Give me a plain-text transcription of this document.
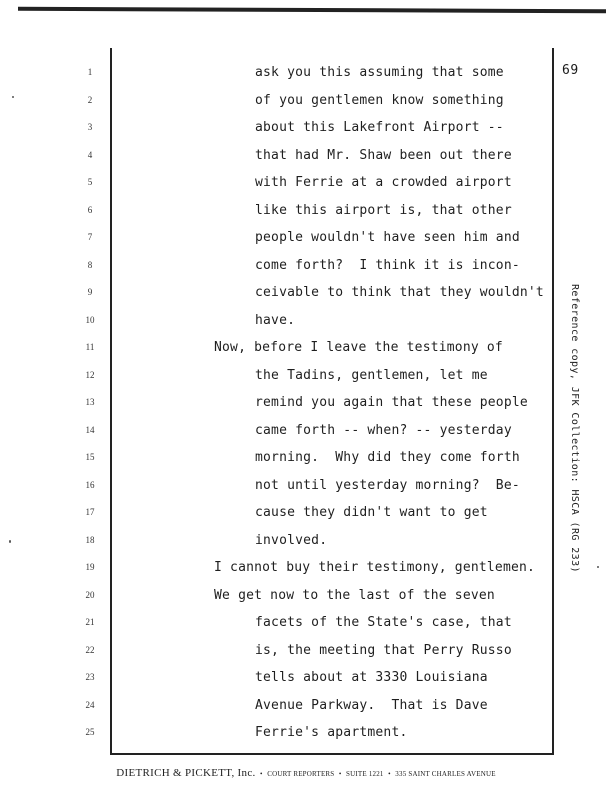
69
1	ask you this assuming that some
2	of you gentlemen know something
3	about this Lakefront Airport --
4	that had Mr. Shaw been out there
5	with Ferrie at a crowded airport
6	like this airport is, that other
7	people wouldn't have seen him and
8	come forth?  I think it is incon-
9	ceivable to think that they wouldn't
10	have.
11	Now, before I leave the testimony of
12	the Tadins, gentlemen, let me
13	remind you again that these people
14	came forth -- when? -- yesterday
15	morning.  Why did they come forth
16	not until yesterday morning?  Be-
17	cause they didn't want to get
18	involved.
19	I cannot buy their testimony, gentlemen.
20	We get now to the last of the seven
21	facets of the State's case, that
22	is, the meeting that Perry Russo
23	tells about at 3330 Louisiana
24	Avenue Parkway.  That is Dave
25	Ferrie's apartment.
Reference copy, JFK Collection: HSCA (RG 233)
DIETRICH & PICKETT, Inc. • COURT REPORTERS • SUITE 1221 • 335 SAINT CHARLES AVENUE
